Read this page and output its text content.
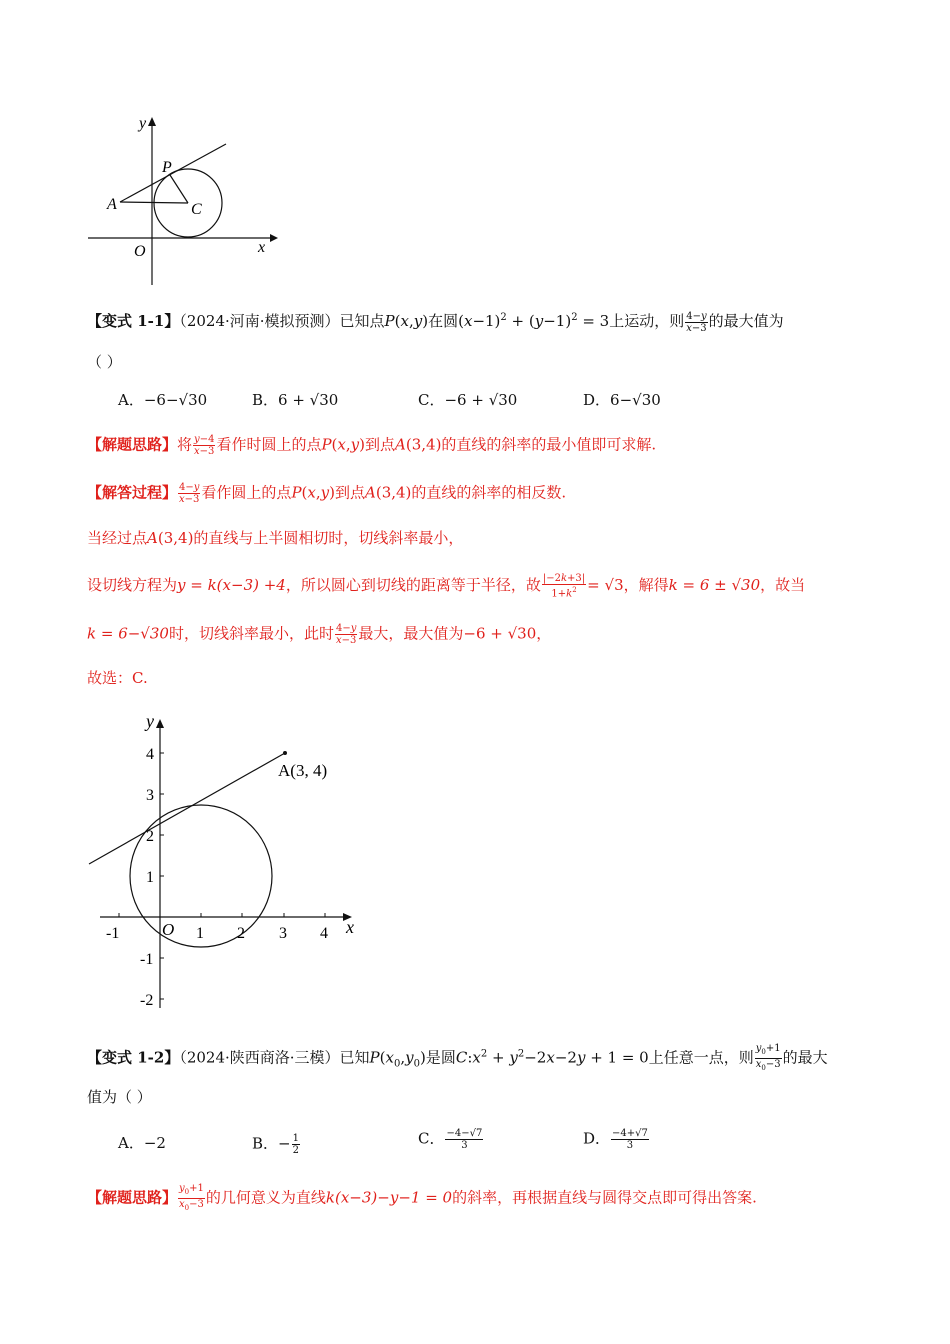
y
x
O
P
A	C
【变式 1-1】（2024·河南·模拟预测）已知点P(x,y)在圆$(x-1)^2 + (y-1)^2 = 3$上运动，则 $\frac{4-y}{x-3}$ 的最大值为
（ ）
A．−6−√30	B．6 + √30	C．−6 + √30	D．6−√30
【解题思路】将 $\frac{y-4}{x-3}$ 看作时圆上的点P(x,y)到点A(3,4)的直线的斜率的最小值即可求解.
【解答过程】 $\frac{4-y}{x-3}$ 看作圆上的点P(x,y)到点A(3,4)的直线的斜率的相反数.
当经过点A(3,4)的直线与上半圆相切时，切线斜率最小，
设切线方程为y = k(x−3) +4，所以圆心到切线的距离等于半径，故 $\frac{|-2k+3|}{1+k^2} = √3$，解得k = 6 ± √30，故当
k = 6−√30时，切线斜率最小，此时 $\frac{4-y}{x-3}$ 最大，最大值为−6 + √30，
故选：C.
y
x
O
A(3, 4)
-1	1 2 3 4
4
3
2
1
-1
-2
【变式 1-2】（2024·陕西商洛·三模）已知$P(x_0,y_0)$是圆$C:x^2 + y^2-2x-2y + 1 = 0$上任意一点，则 $\frac{y_0+1}{x_0-3}$ 的最大
值为（ ）
A．−2	B．− $\frac{1}{2}$	C． $\frac{-4-√7}{3}$	D． $\frac{-4+√7}{3}$
【解题思路】 $\frac{y_0+1}{x_0-3}$ 的几何意义为直线k(x−3)−y−1 = 0的斜率，再根据直线与圆得交点即可得出答案.
